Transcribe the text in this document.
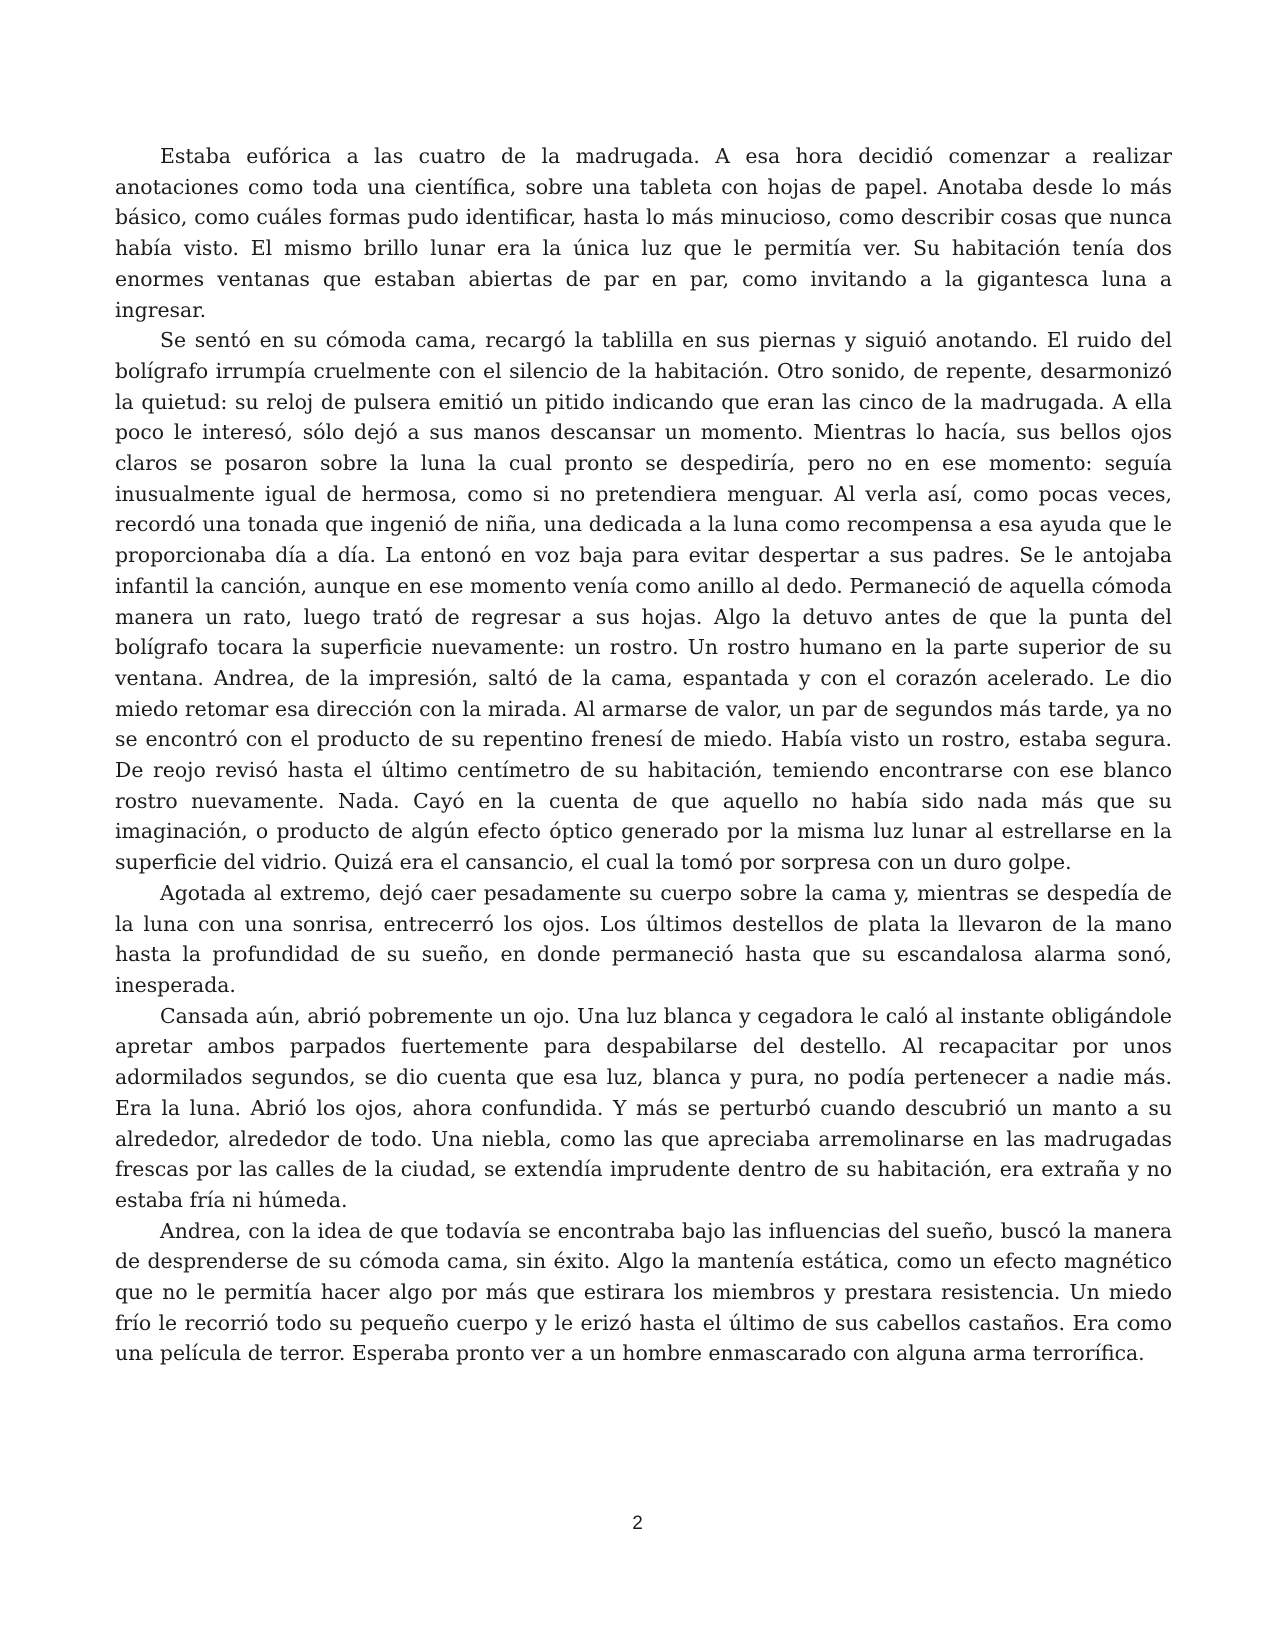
Estaba eufórica a las cuatro de la madrugada. A esa hora decidió comenzar a realizar anotaciones como toda una científica, sobre una tableta con hojas de papel. Anotaba desde lo más básico, como cuáles formas pudo identificar, hasta lo más minucioso, como describir cosas que nunca había visto. El mismo brillo lunar era la única luz que le permitía ver. Su habitación tenía dos enormes ventanas que estaban abiertas de par en par, como invitando a la gigantesca luna a ingresar.

Se sentó en su cómoda cama, recargó la tablilla en sus piernas y siguió anotando. El ruido del bolígrafo irrumpía cruelmente con el silencio de la habitación. Otro sonido, de repente, desarmonizó la quietud: su reloj de pulsera emitió un pitido indicando que eran las cinco de la madrugada. A ella poco le interesó, sólo dejó a sus manos descansar un momento. Mientras lo hacía, sus bellos ojos claros se posaron sobre la luna la cual pronto se despediría, pero no en ese momento: seguía inusualmente igual de hermosa, como si no pretendiera menguar. Al verla así, como pocas veces, recordó una tonada que ingenió de niña, una dedicada a la luna como recompensa a esa ayuda que le proporcionaba día a día. La entonó en voz baja para evitar despertar a sus padres. Se le antojaba infantil la canción, aunque en ese momento venía como anillo al dedo. Permaneció de aquella cómoda manera un rato, luego trató de regresar a sus hojas. Algo la detuvo antes de que la punta del bolígrafo tocara la superficie nuevamente: un rostro. Un rostro humano en la parte superior de su ventana. Andrea, de la impresión, saltó de la cama, espantada y con el corazón acelerado. Le dio miedo retomar esa dirección con la mirada. Al armarse de valor, un par de segundos más tarde, ya no se encontró con el producto de su repentino frenesí de miedo. Había visto un rostro, estaba segura. De reojo revisó hasta el último centímetro de su habitación, temiendo encontrarse con ese blanco rostro nuevamente. Nada. Cayó en la cuenta de que aquello no había sido nada más que su imaginación, o producto de algún efecto óptico generado por la misma luz lunar al estrellarse en la superficie del vidrio. Quizá era el cansancio, el cual la tomó por sorpresa con un duro golpe.

Agotada al extremo, dejó caer pesadamente su cuerpo sobre la cama y, mientras se despedía de la luna con una sonrisa, entrecerró los ojos. Los últimos destellos de plata la llevaron de la mano hasta la profundidad de su sueño, en donde permaneció hasta que su escandalosa alarma sonó, inesperada.

Cansada aún, abrió pobremente un ojo. Una luz blanca y cegadora le caló al instante obligándole apretar ambos parpados fuertemente para despabilarse del destello. Al recapacitar por unos adormilados segundos, se dio cuenta que esa luz, blanca y pura, no podía pertenecer a nadie más. Era la luna. Abrió los ojos, ahora confundida. Y más se perturbó cuando descubrió un manto a su alrededor, alrededor de todo. Una niebla, como las que apreciaba arremolinarse en las madrugadas frescas por las calles de la ciudad, se extendía imprudente dentro de su habitación, era extraña y no estaba fría ni húmeda.

Andrea, con la idea de que todavía se encontraba bajo las influencias del sueño, buscó la manera de desprenderse de su cómoda cama, sin éxito. Algo la mantenía estática, como un efecto magnético que no le permitía hacer algo por más que estirara los miembros y prestara resistencia. Un miedo frío le recorrió todo su pequeño cuerpo y le erizó hasta el último de sus cabellos castaños. Era como una película de terror. Esperaba pronto ver a un hombre enmascarado con alguna arma terrorífica.

2
